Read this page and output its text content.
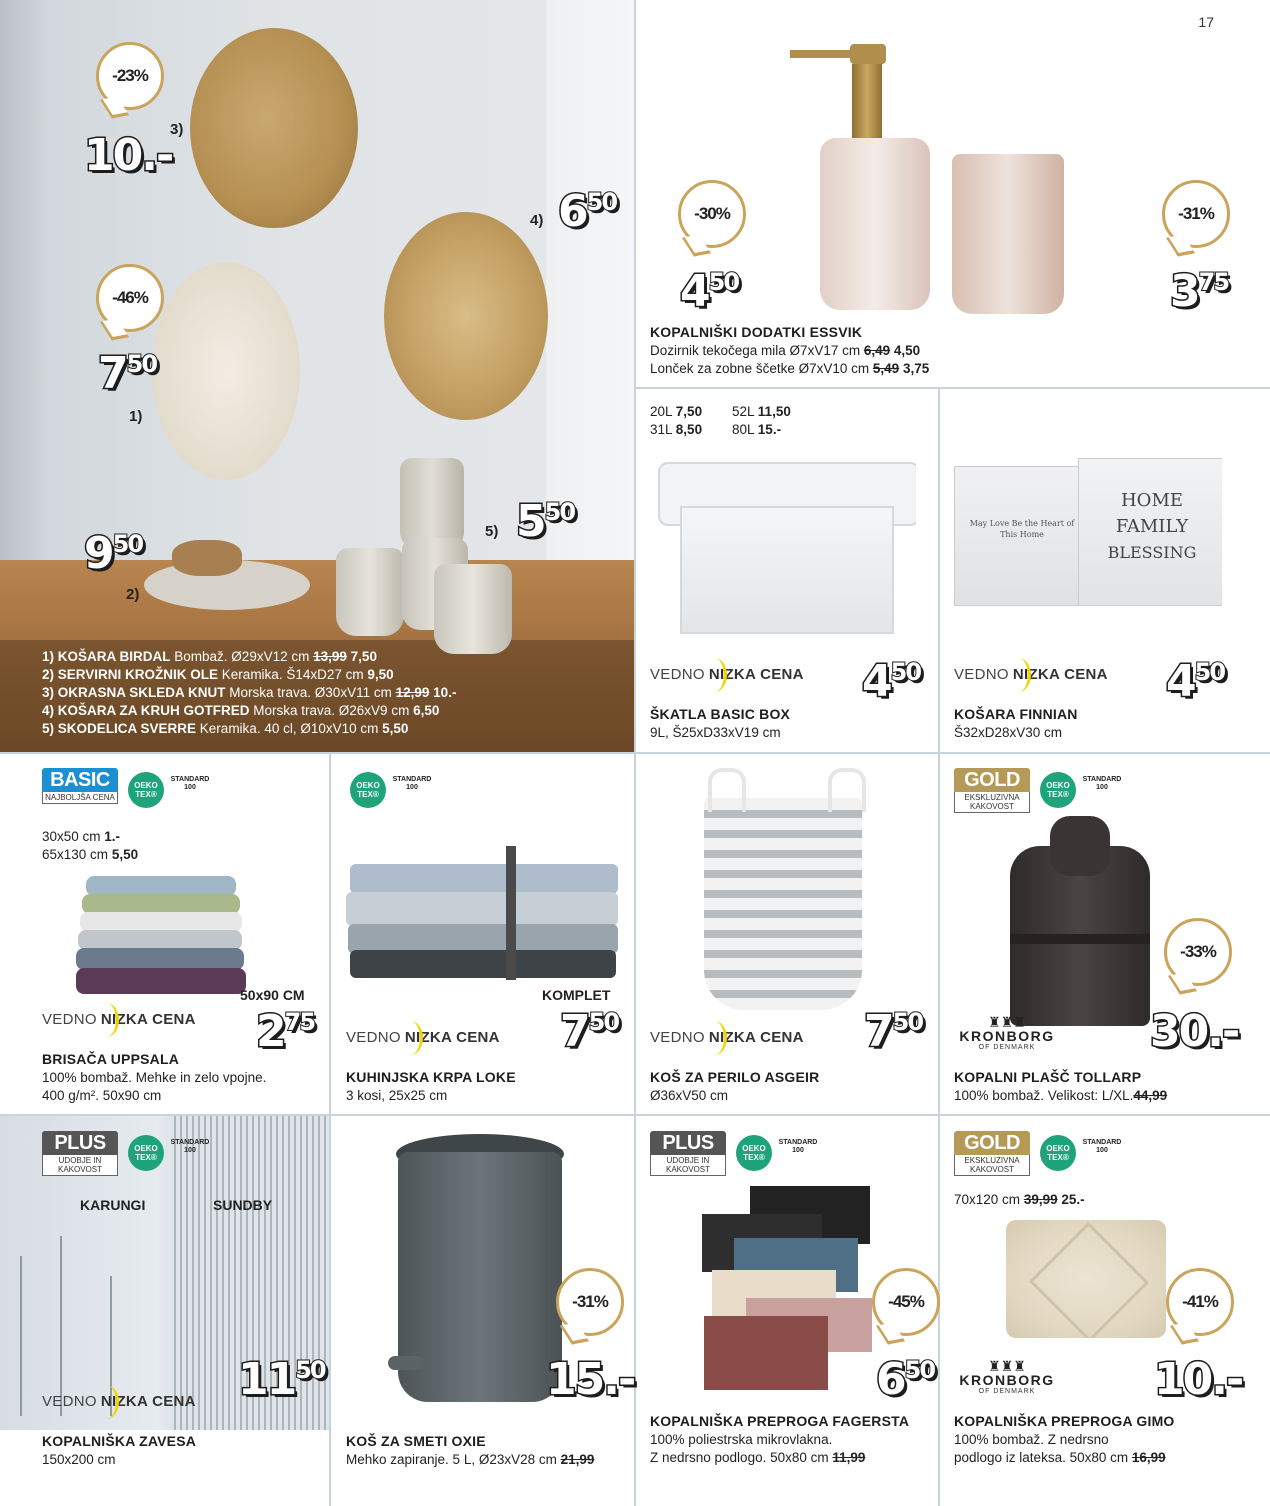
17
3)
1)
2)
4)
5)
-23%
10.-
-46%
750
950
650
550
1) KOŠARA BIRDAL Bombaž. Ø29xV12 cm 13,99 7,50
2) SERVIRNI KROŽNIK OLE Keramika. Š14xD27 cm 9,50
3) OKRASNA SKLEDA KNUT Morska trava. Ø30xV11 cm 12,99 10.-
4) KOŠARA ZA KRUH GOTFRED Morska trava. Ø26xV9 cm 6,50
5) SKODELICA SVERRE Keramika. 40 cl, Ø10xV10 cm 5,50
-30%
450
-31%
375
KOPALNIŠKI DODATKI ESSVIK
Dozirnik tekočega mila Ø7xV17 cm 6,49 4,50
Lonček za zobne ščetke Ø7xV10 cm 5,49 3,75
20L 7,50 52L 11,50
31L 8,50 80L 15.-
VEDNO NIZKA CENA 450
ŠKATLA BASIC BOX
9L, Š25xD33xV19 cm
May Love Be the Heart of This Home
HOME
FAMILY
BLESSING
VEDNO NIZKA CENA 450
KOŠARA FINNIAN
Š32xD28xV30 cm
BASIC
NAJBOLJŠA CENA
OEKO TEX®
STANDARD 100
30x50 cm 1.-
65x130 cm 5,50
50x90 CM
VEDNO NIZKA CENA 275
BRISAČA UPPSALA
100% bombaž. Mehke in zelo vpojne.
400 g/m². 50x90 cm
OEKO TEX®
STANDARD 100
KOMPLET
VEDNO NIZKA CENA 750
KUHINJSKA KRPA LOKE
3 kosi, 25x25 cm
VEDNO NIZKA CENA 750
KOŠ ZA PERILO ASGEIR
Ø36xV50 cm
GOLD
EKSKLUZIVNA KAKOVOST
OEKO TEX®
STANDARD 100
-33%
♜♜♜
KRONBORG
OF DENMARK	30.-
KOPALNI PLAŠČ TOLLARP
100% bombaž. Velikost: L/XL.44,99
PLUS
UDOBJE IN KAKOVOST
OEKO TEX®
STANDARD 100
KARUNGI	SUNDBY
VEDNO NIZKA CENA 1150
KOPALNIŠKA ZAVESA
150x200 cm
-31%
15.-
KOŠ ZA SMETI OXIE
Mehko zapiranje. 5 L, Ø23xV28 cm 21,99
PLUS
UDOBJE IN KAKOVOST
OEKO TEX®
STANDARD 100
-45%
650
KOPALNIŠKA PREPROGA FAGERSTA
100% poliestrska mikrovlakna.
Z nedrsno podlogo. 50x80 cm 11,99
GOLD
EKSKLUZIVNA KAKOVOST
OEKO TEX®
STANDARD 100
70x120 cm 39,99 25.-
-41%
♜♜♜
KRONBORG
OF DENMARK	10.-
KOPALNIŠKA PREPROGA GIMO
100% bombaž. Z nedrsno
podlogo iz lateksa. 50x80 cm 16,99
